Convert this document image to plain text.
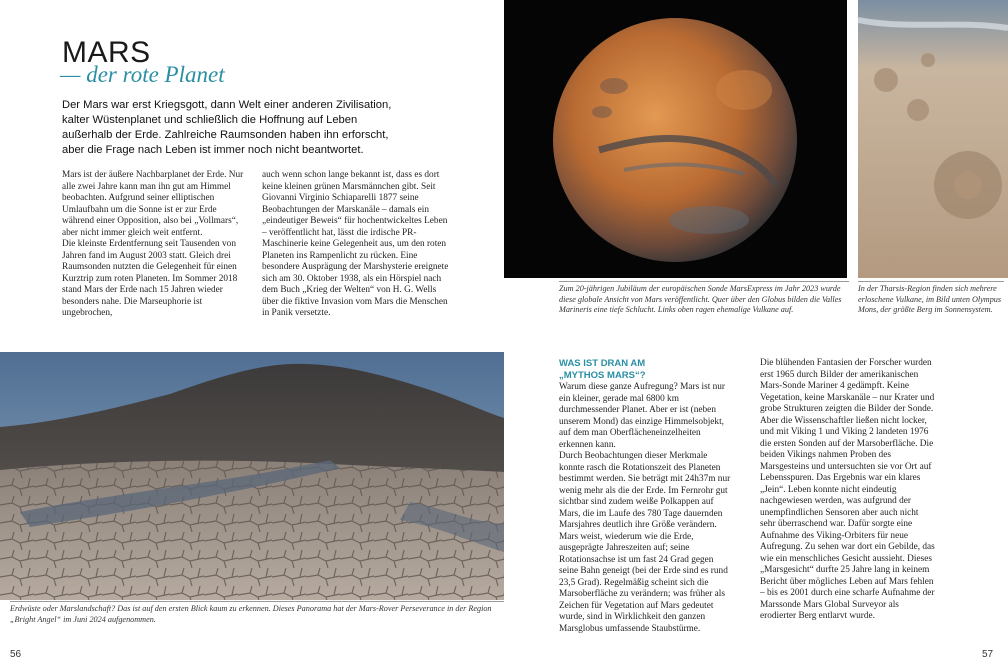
MARS
— der rote Planet
Der Mars war erst Kriegsgott, dann Welt einer anderen Zivilisation, kalter Wüstenplanet und schließlich die Hoffnung auf Leben außerhalb der Erde. Zahlreiche Raumsonden haben ihn erforscht, aber die Frage nach Leben ist immer noch nicht beantwortet.

Mars ist der äußere Nachbarplanet der Erde. Nur alle zwei Jahre kann man ihn gut am Himmel beobachten. Aufgrund seiner elliptischen Umlaufbahn um die Sonne ist er zur Erde während einer Opposition, also bei „Vollmars“, aber nicht immer gleich weit entfernt.

Die kleinste Erdentfernung seit Tausenden von Jahren fand im August 2003 statt. Gleich drei Raumsonden nutzten die Gelegenheit für einen Kurztrip zum roten Planeten. Im Sommer 2018 stand Mars der Erde nach 15 Jahren wieder besonders nahe. Die Marseuphorie ist ungebrochen,

auch wenn schon lange bekannt ist, dass es dort keine kleinen grünen Marsmännchen gibt. Seit Giovanni Virginio Schiaparelli 1877 seine Beobachtungen der Marskanäle – damals ein „eindeutiger Beweis“ für hochentwickeltes Leben – veröffentlicht hat, lässt die irdische PR-Maschinerie keine Gelegenheit aus, um den roten Planeten ins Rampenlicht zu rücken. Eine besondere Ausprägung der Marshysterie ereignete sich am 30. Oktober 1938, als ein Hörspiel nach dem Buch „Krieg der Welten“ von H. G. Wells über die fiktive Invasion vom Mars die Menschen in Panik versetzte.

Erdwüste oder Marslandschaft? Das ist auf den ersten Blick kaum zu erkennen. Dieses Panorama hat der Mars-Rover Perseverance in der Region „Bright Angel“ im Juni 2024 aufgenommen.
56
Zum 20-jährigen Jubiläum der europäischen Sonde MarsExpress im Jahr 2023 wurde diese globale Ansicht von Mars veröffentlicht. Quer über den Globus bilden die Valles Marineris eine tiefe Schlucht. Links oben ragen ehemalige Vulkane auf.
In der Tharsis-Region finden sich mehrere erloschene Vulkane, im Bild unten Olympus Mons, der größte Berg im Sonnensystem.
WAS IST DRAN AM
„MYTHOS MARS“?

Warum diese ganze Aufregung? Mars ist nur ein kleiner, gerade mal 6800 km durchmessender Planet. Aber er ist (neben unserem Mond) das einzige Himmelsobjekt, auf dem man Oberflächeneinzelheiten erkennen kann.

Durch Beobachtungen dieser Merkmale konnte rasch die Rotationszeit des Planeten bestimmt werden. Sie beträgt mit 24h37m nur wenig mehr als die der Erde. Im Fernrohr gut sichtbar sind zudem weiße Polkappen auf Mars, die im Laufe des 780 Tage dauernden Marsjahres deutlich ihre Größe verändern. Mars weist, wiederum wie die Erde, ausgeprägte Jahreszeiten auf; seine Rotationsachse ist um fast 24 Grad gegen seine Bahn geneigt (bei der Erde sind es rund 23,5 Grad). Regelmäßig scheint sich die Marsoberfläche zu verändern; was früher als Zeichen für Vegetation auf Mars gedeutet wurde, sind in Wirklichkeit den ganzen Marsglobus umfassende Staubstürme.

Die blühenden Fantasien der Forscher wurden erst 1965 durch Bilder der amerikanischen Mars-Sonde Mariner 4 gedämpft. Keine Vegetation, keine Marskanäle – nur Krater und grobe Strukturen zeigten die Bilder der Sonde. Aber die Wissenschaftler ließen nicht locker, und mit Viking 1 und Viking 2 landeten 1976 die ersten Sonden auf der Marsoberfläche. Die beiden Vikings nahmen Proben des Marsgesteins und untersuchten sie vor Ort auf Lebensspuren. Das Ergebnis war ein klares „Jein“. Leben konnte nicht eindeutig nachgewiesen werden, was aufgrund der unempfindlichen Sensoren aber auch nicht sehr überraschend war. Dafür sorgte eine Aufnahme des Viking-Orbiters für neue Aufregung. Zu sehen war dort ein Gebilde, das wie ein menschliches Gesicht aussieht. Dieses „Marsgesicht“ durfte 25 Jahre lang in keinem Bericht über mögliches Leben auf Mars fehlen – bis es 2001 durch eine scharfe Aufnahme der Marssonde Mars Global Surveyor als erodierter Berg entlarvt wurde.

57
